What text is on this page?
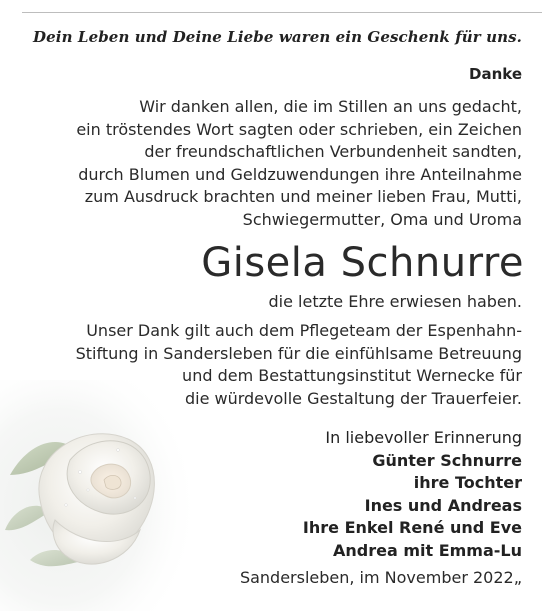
Dein Leben und Deine Liebe waren ein Geschenk für uns.
Danke
Wir danken allen, die im Stillen an uns gedacht,
ein tröstendes Wort sagten oder schrieben, ein Zeichen
der freundschaftlichen Verbundenheit sandten,
durch Blumen und Geldzuwendungen ihre Anteilnahme
zum Ausdruck brachten und meiner lieben Frau, Mutti,
Schwiegermutter, Oma und Uroma
Gisela Schnurre
die letzte Ehre erwiesen haben.
Unser Dank gilt auch dem Pflegeteam der Espenhahn-
Stiftung in Sandersleben für die einfühlsame Betreuung
und dem Bestattungsinstitut Wernecke für
die würdevolle Gestaltung der Trauerfeier.
In liebevoller Erinnerung
Günter Schnurre
ihre Tochter
Ines und Andreas
Ihre Enkel René und Eve
Andrea mit Emma-Lu
Sandersleben, im November 2022„
